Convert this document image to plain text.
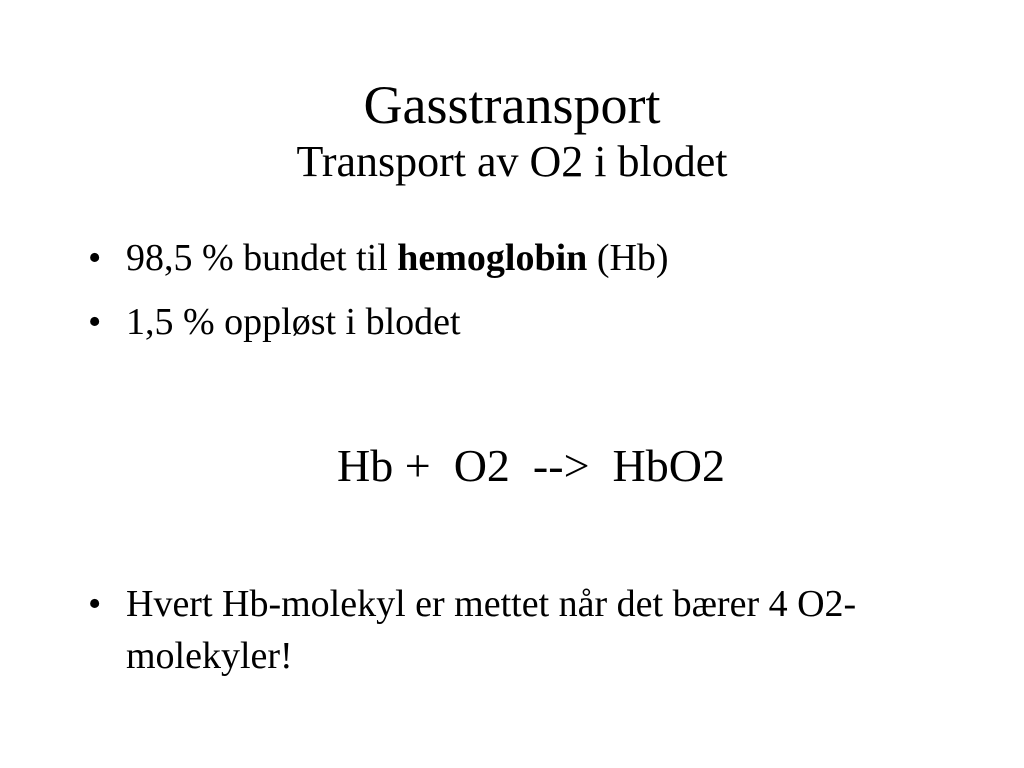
Gasstransport
Transport av O2 i blodet
• 98,5 % bundet til hemoglobin (Hb)
• 1,5 % oppløst i blodet
Hb +  O2  -->  HbO2
• Hvert Hb-molekyl er mettet når det bærer 4 O2-molekyler!
